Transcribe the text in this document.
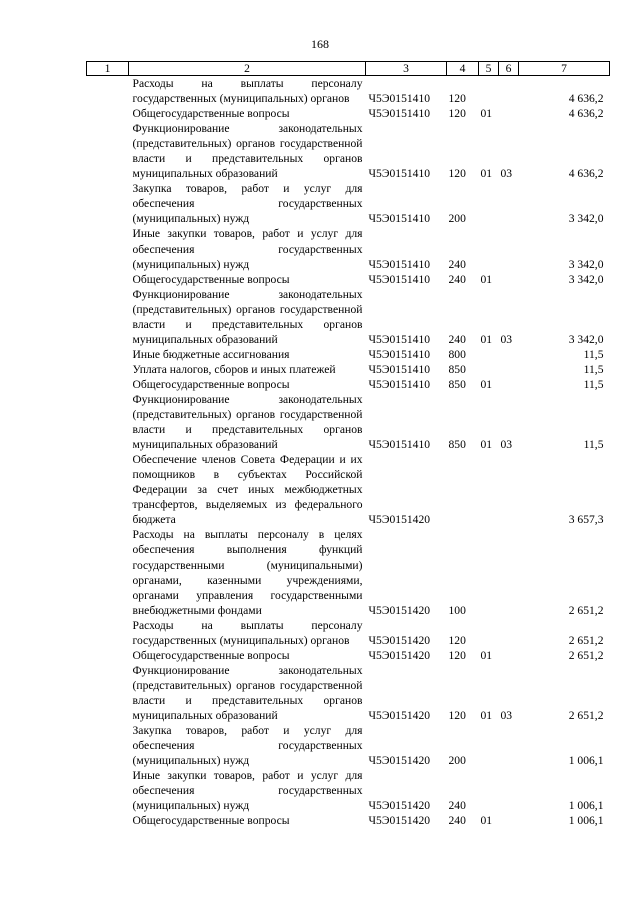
168
1	2	3	4	5	6	7
	Расходы на выплаты персоналу государственных (муниципальных) органов	Ч5Э0151410	120			4 636,2
	Общегосударственные вопросы	Ч5Э0151410	120	01		4 636,2
	Функционирование законодательных (представительных) органов государственной власти и представительных органов муниципальных образований	Ч5Э0151410	120	01	03	4 636,2
	Закупка товаров, работ и услуг для обеспечения государственных (муниципальных) нужд	Ч5Э0151410	200			3 342,0
	Иные закупки товаров, работ и услуг для обеспечения государственных (муниципальных) нужд	Ч5Э0151410	240			3 342,0
	Общегосударственные вопросы	Ч5Э0151410	240	01		3 342,0
	Функционирование законодательных (представительных) органов государственной власти и представительных органов муниципальных образований	Ч5Э0151410	240	01	03	3 342,0
	Иные бюджетные ассигнования	Ч5Э0151410	800			11,5
	Уплата налогов, сборов и иных платежей	Ч5Э0151410	850			11,5
	Общегосударственные вопросы	Ч5Э0151410	850	01		11,5
	Функционирование законодательных (представительных) органов государственной власти и представительных органов муниципальных образований	Ч5Э0151410	850	01	03	11,5
	Обеспечение членов Совета Федерации и их помощников в субъектах Российской Федерации за счет иных межбюджетных трансфертов, выделяемых из федерального бюджета	Ч5Э0151420				3 657,3
	Расходы на выплаты персоналу в целях обеспечения выполнения функций государственными (муниципальными) органами, казенными учреждениями, органами управления государственными внебюджетными фондами	Ч5Э0151420	100			2 651,2
	Расходы на выплаты персоналу государственных (муниципальных) органов	Ч5Э0151420	120			2 651,2
	Общегосударственные вопросы	Ч5Э0151420	120	01		2 651,2
	Функционирование законодательных (представительных) органов государственной власти и представительных органов муниципальных образований	Ч5Э0151420	120	01	03	2 651,2
	Закупка товаров, работ и услуг для обеспечения государственных (муниципальных) нужд	Ч5Э0151420	200			1 006,1
	Иные закупки товаров, работ и услуг для обеспечения государственных (муниципальных) нужд	Ч5Э0151420	240			1 006,1
	Общегосударственные вопросы	Ч5Э0151420	240	01		1 006,1
